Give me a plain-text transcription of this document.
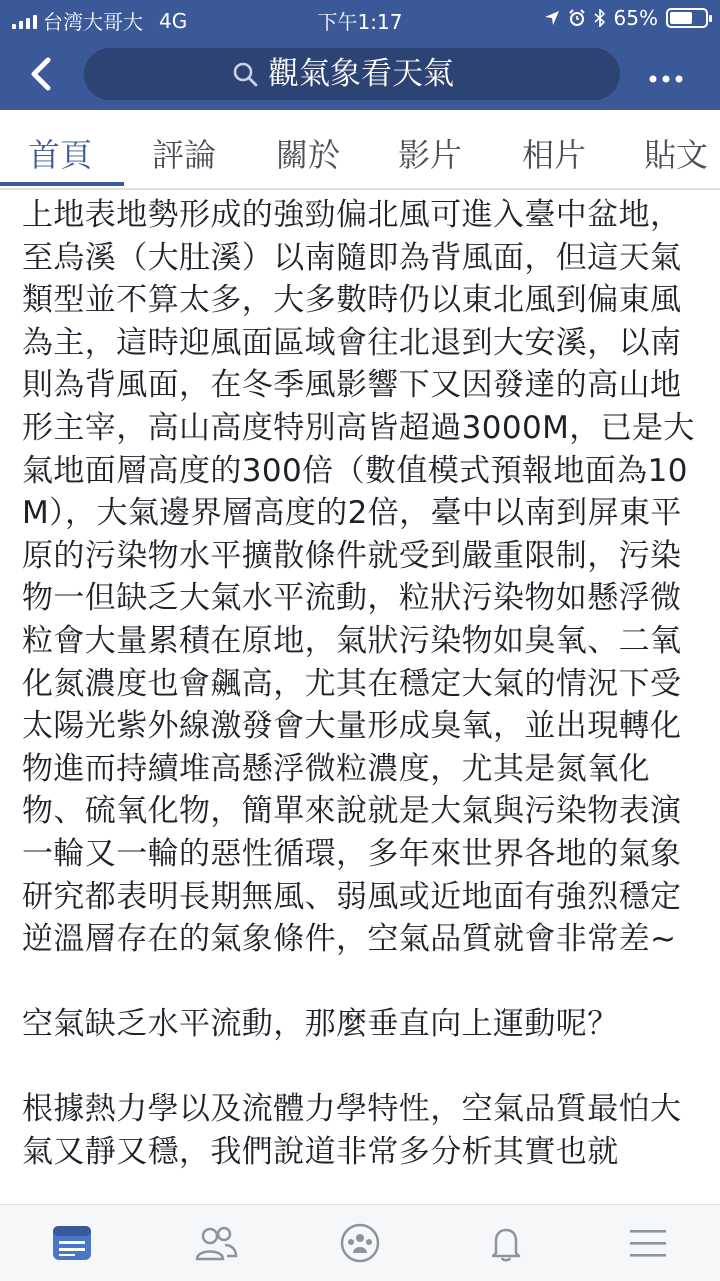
台湾大哥大 4G	下午1:17	65%
觀氣象看天氣
首頁 評論 關於 影片 相片 貼文

上地表地勢形成的強勁偏北風可進入臺中盆地，至烏溪（大肚溪）以南隨即為背風面，但這天氣類型並不算太多，大多數時仍以東北風到偏東風為主，這時迎風面區域會往北退到大安溪，以南則為背風面，在冬季風影響下又因發達的高山地形主宰，高山高度特別高皆超過3000M，已是大氣地面層高度的300倍（數值模式預報地面為10M），大氣邊界層高度的2倍，臺中以南到屏東平原的污染物水平擴散條件就受到嚴重限制，污染物一但缺乏大氣水平流動，粒狀污染物如懸浮微粒會大量累積在原地，氣狀污染物如臭氧、二氧化氮濃度也會飆高，尤其在穩定大氣的情況下受太陽光紫外線激發會大量形成臭氧，並出現轉化物進而持續堆高懸浮微粒濃度，尤其是氮氧化物、硫氧化物，簡單來說就是大氣與污染物表演一輪又一輪的惡性循環，多年來世界各地的氣象研究都表明長期無風、弱風或近地面有強烈穩定逆溫層存在的氣象條件，空氣品質就會非常差~

空氣缺乏水平流動，那麼垂直向上運動呢？

根據熱力學以及流體力學特性，空氣品質最怕大氣又靜又穩，我們說道非常多分析其實也就
